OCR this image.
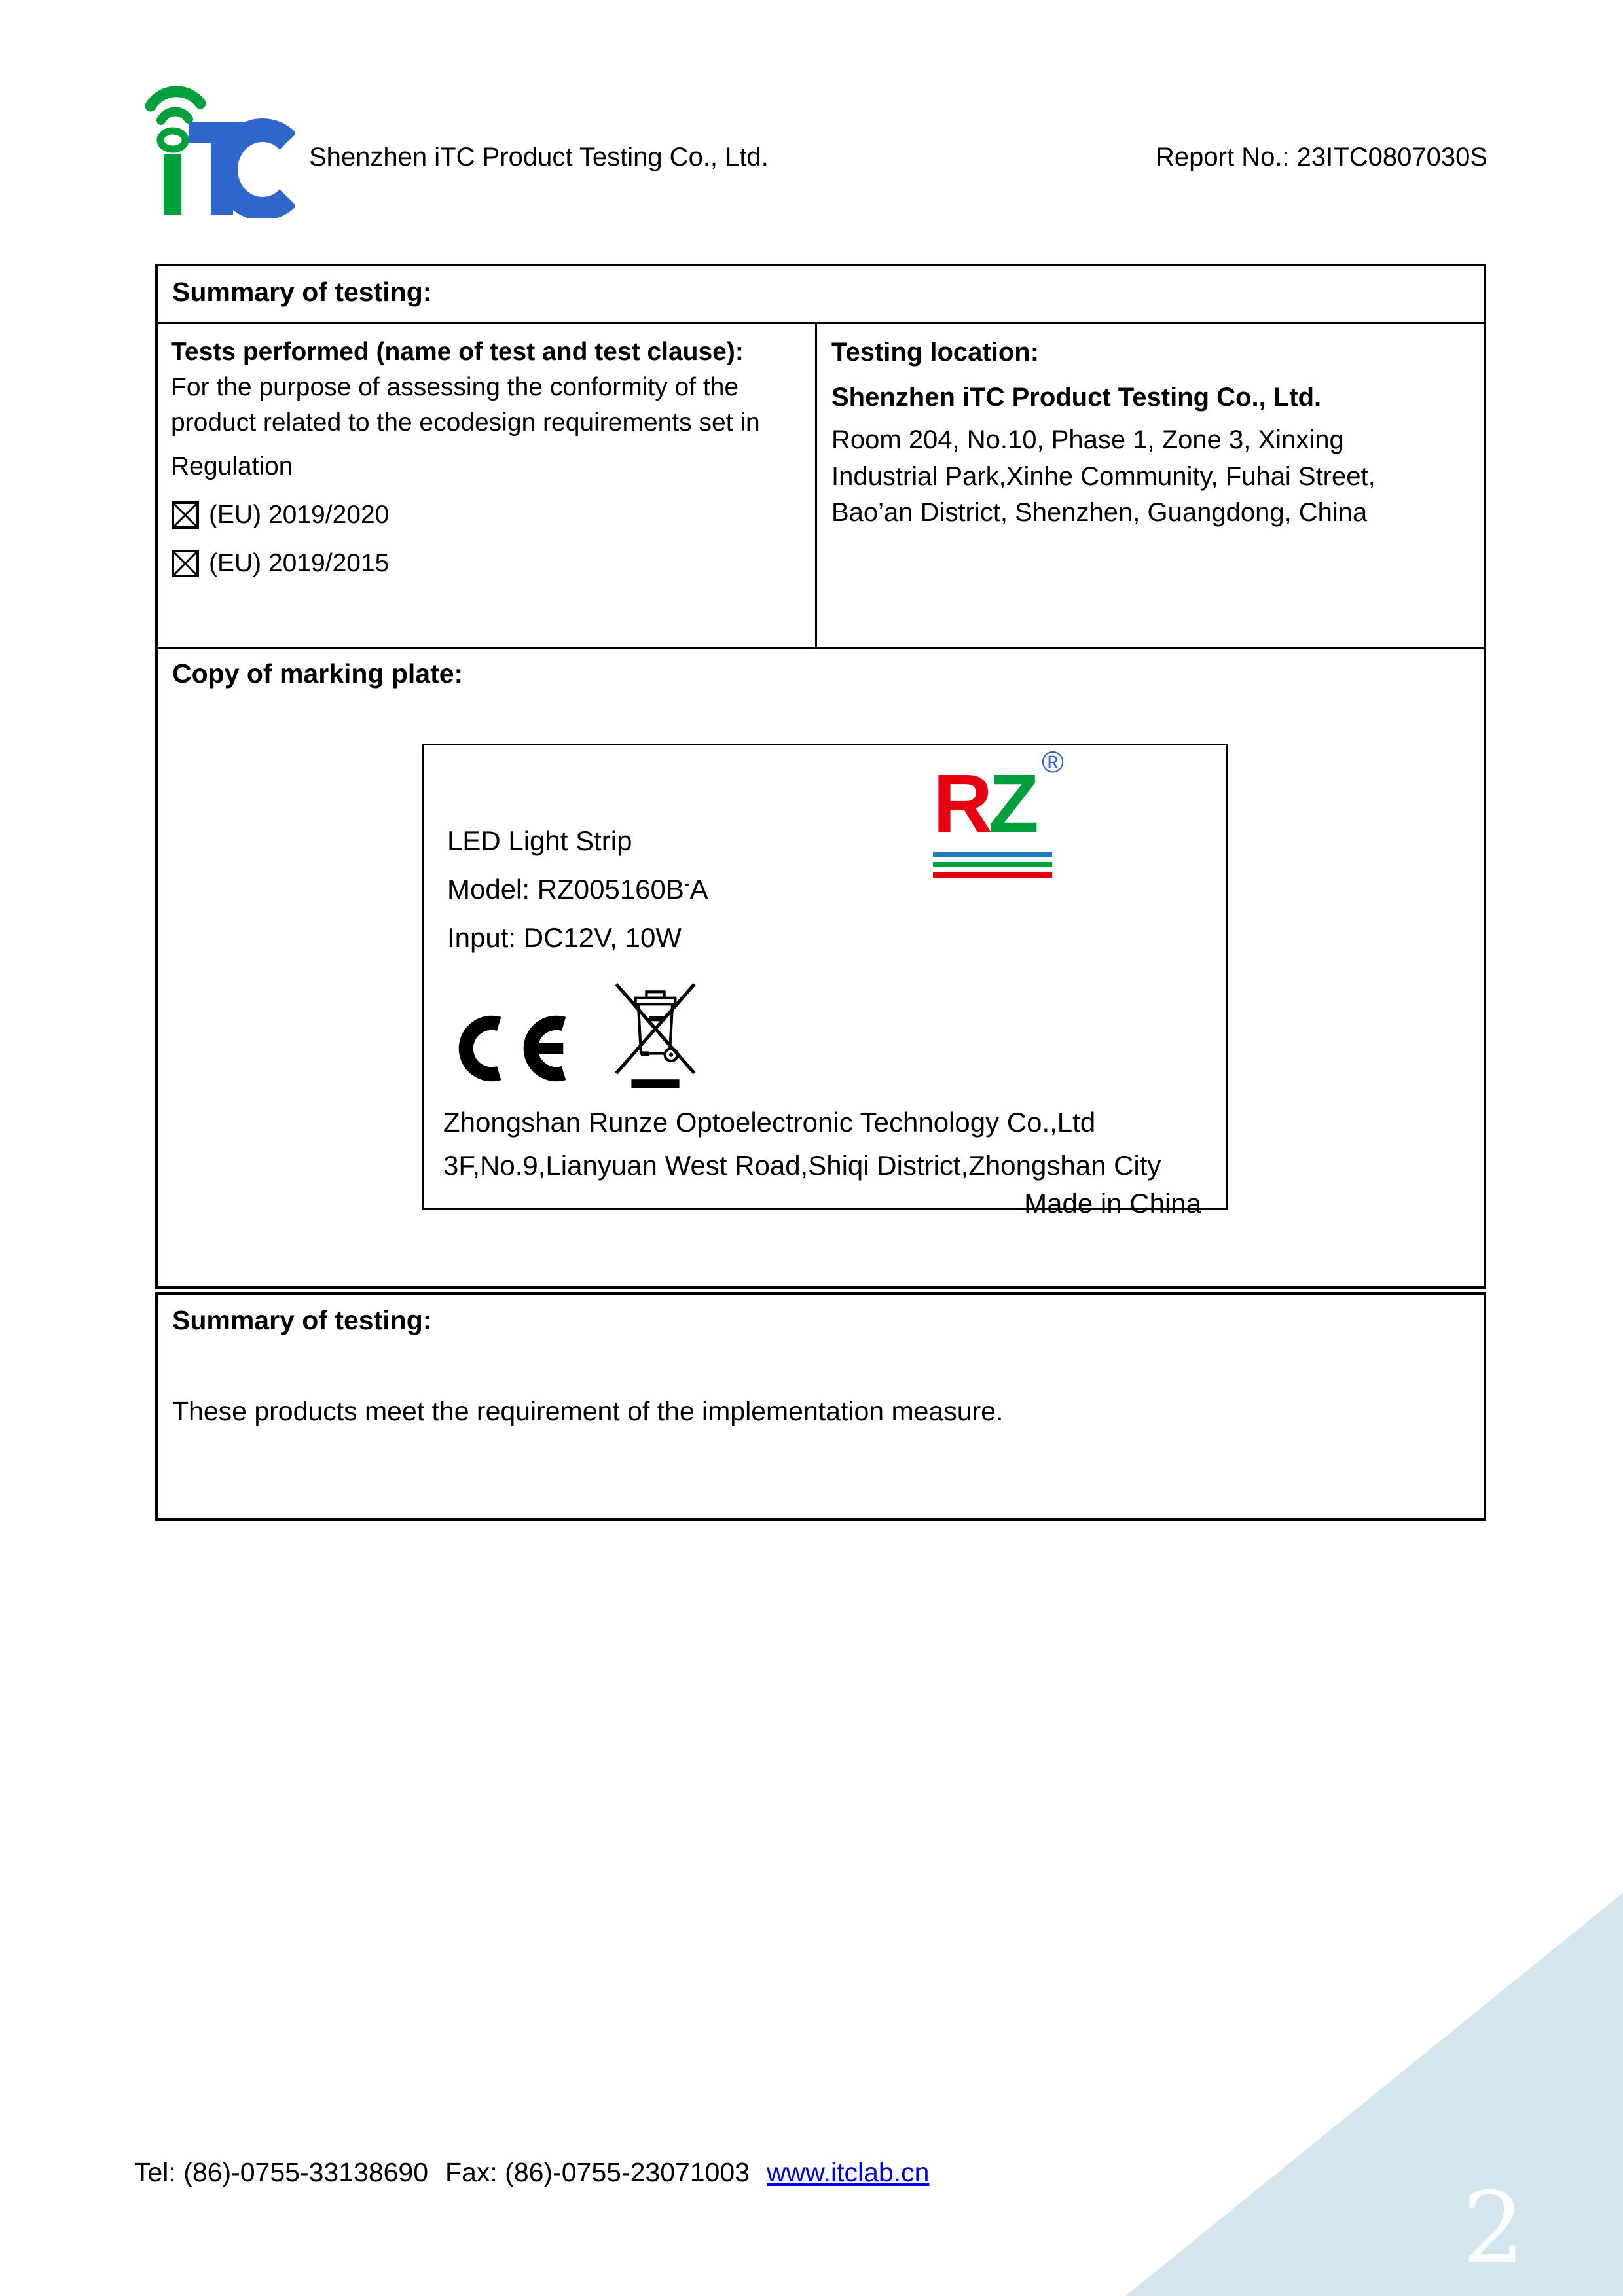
Shenzhen iTC Product Testing Co., Ltd.	Report No.: 23ITC0807030S
Summary of testing:
Tests performed (name of test and test clause):
For the purpose of assessing the conformity of the
product related to the ecodesign requirements set in
Regulation
(EU) 2019/2020
(EU) 2019/2015
Testing location:
Shenzhen iTC Product Testing Co., Ltd.
Room 204, No.10, Phase 1, Zone 3, Xinxing
Industrial Park,Xinhe Community, Fuhai Street,
Bao’an District, Shenzhen, Guangdong, China
Copy of marking plate:
RZ ®
LED Light Strip
Model: RZ005160B-A
Input: DC12V, 10W
Zhongshan Runze Optoelectronic Technology Co.,Ltd
3F,No.9,Lianyuan West Road,Shiqi District,Zhongshan City
Made in China
Summary of testing:
These products meet the requirement of the implementation measure.
Tel: (86)-0755-33138690 Fax: (86)-0755-23071003 www.itclab.cn	2
